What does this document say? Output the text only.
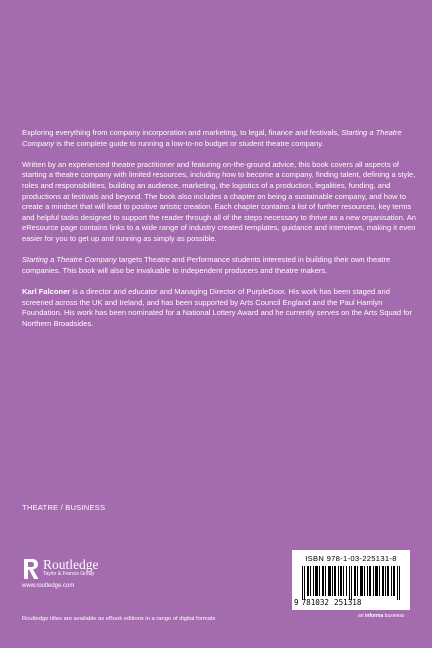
Exploring everything from company incorporation and marketing, to legal, finance and festivals, Starting a Theatre Company is the complete guide to running a low-to-no budget or student theatre company.

Written by an experienced theatre practitioner and featuring on-the-ground advice, this book covers all aspects of starting a theatre company with limited resources, including how to become a company, finding talent, defining a style, roles and responsibilities, building an audience, marketing, the logistics of a production, legalities, funding, and productions at festivals and beyond. The book also includes a chapter on being a sustainable company, and how to create a mindset that will lead to positive artistic creation. Each chapter contains a list of further resources, key terms and helpful tasks designed to support the reader through all of the steps necessary to thrive as a new organisation. An eResource page contains links to a wide range of industry created templates, guidance and interviews, making it even easier for you to get up and running as simply as possible.

Starting a Theatre Company targets Theatre and Performance students interested in building their own theatre companies. This book will also be invaluable to independent producers and theatre makers.

Karl Falconer is a director and educator and Managing Director of PurpleDoor. His work has been staged and screened across the UK and Ireland, and has been supported by Arts Council England and the Paul Hamlyn Foundation. His work has been nominated for a National Lottery Award and he currently serves on the Arts Squad for Northern Broadsides.

THEATRE / BUSINESS
Routledge
Taylor & Francis Group
www.routledge.com
Routledge titles are available as eBook editions in a range of digital formats
ISBN 978-1-03-225131-8
9 781032 251318
an informa business
